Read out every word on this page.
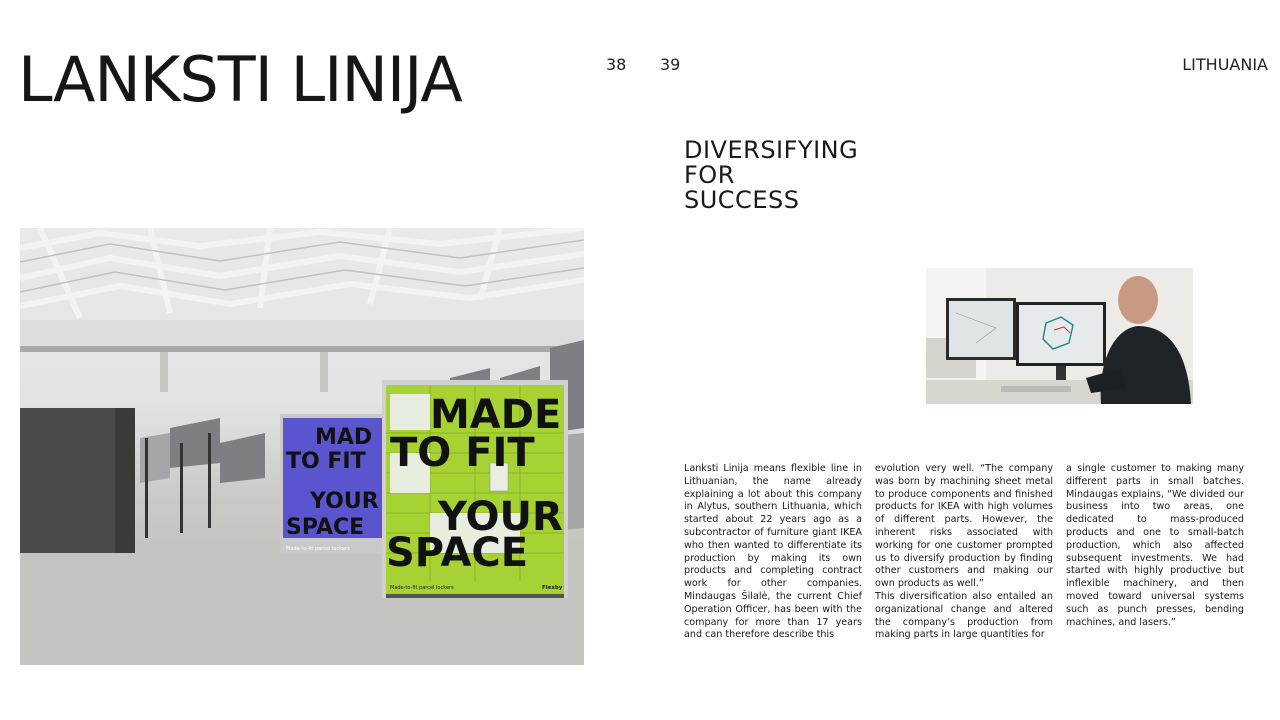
LANKSTI LINIJA	38 39	LITHUANIA
DIVERSIFYING
FOR
SUCCESS
MAD
TO FIT
YOUR
SPACE
Made-to-fit parcel lockers
MADE
TO FIT
YOUR
SPACE
Made-to-fit parcel lockers	Flexby

Lanksti Linija means flexible line in Lithuanian, the name already explaining a lot about this company in Alytus, southern Lithuania, which started about 22 years ago as a subcontractor of furniture giant IKEA who then wanted to differentiate its production by making its own products and completing contract work for other companies. Mindaugas Šilalė, the current Chief Operation Officer, has been with the company for more than 17 years and can therefore describe this

evolution very well. “The company was born by machining sheet metal to produce components and finished products for IKEA with high volumes of different parts. However, the inherent risks associated with working for one customer prompted us to diversify production by finding other customers and making our own products as well.”

This diversification also entailed an organizational change and altered the company’s production from making parts in large quantities for

a single customer to making many different parts in small batches. Mindaugas explains, “We divided our business into two areas, one dedicated to mass-produced products and one to small-batch production, which also affected subsequent investments. We had started with highly productive but inflexible machinery, and then moved toward universal systems such as punch presses, bending machines, and lasers.”
